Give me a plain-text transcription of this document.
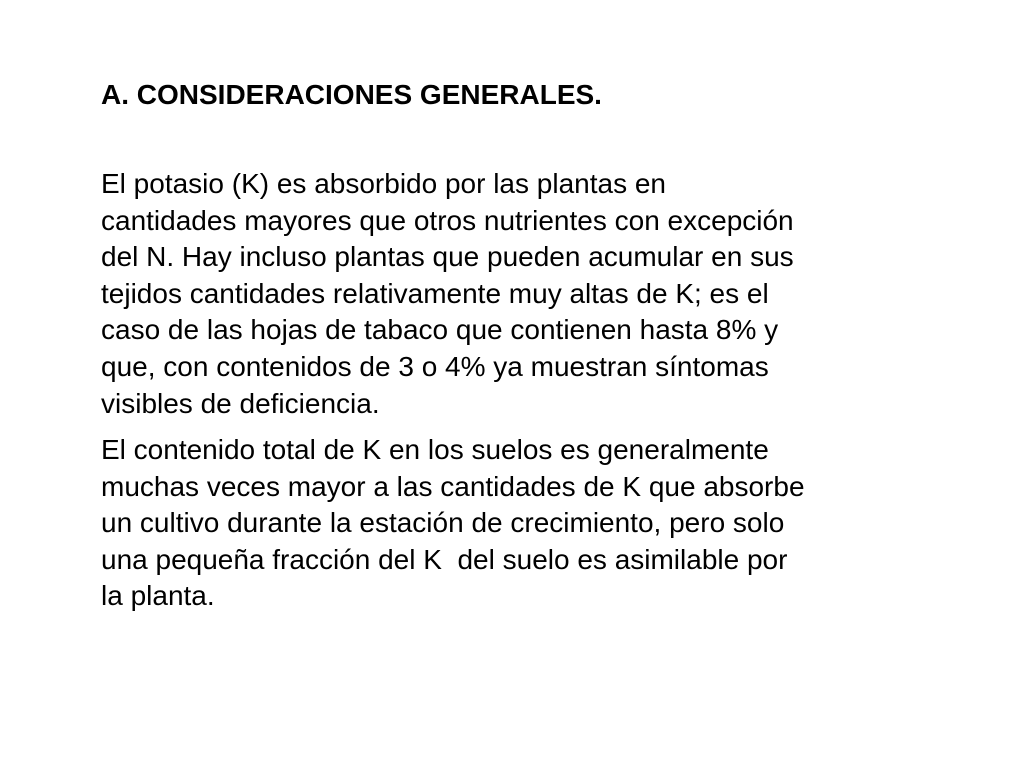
A. CONSIDERACIONES GENERALES.

El potasio (K) es absorbido por las plantas en
cantidades mayores que otros nutrientes con excepción
del N. Hay incluso plantas que pueden acumular en sus
tejidos cantidades relativamente muy altas de K; es el
caso de las hojas de tabaco que contienen hasta 8% y
que, con contenidos de 3 o 4% ya muestran síntomas
visibles de deficiencia.

El contenido total de K en los suelos es generalmente
muchas veces mayor a las cantidades de K que absorbe
un cultivo durante la estación de crecimiento, pero solo
una pequeña fracción del K  del suelo es asimilable por
la planta.
